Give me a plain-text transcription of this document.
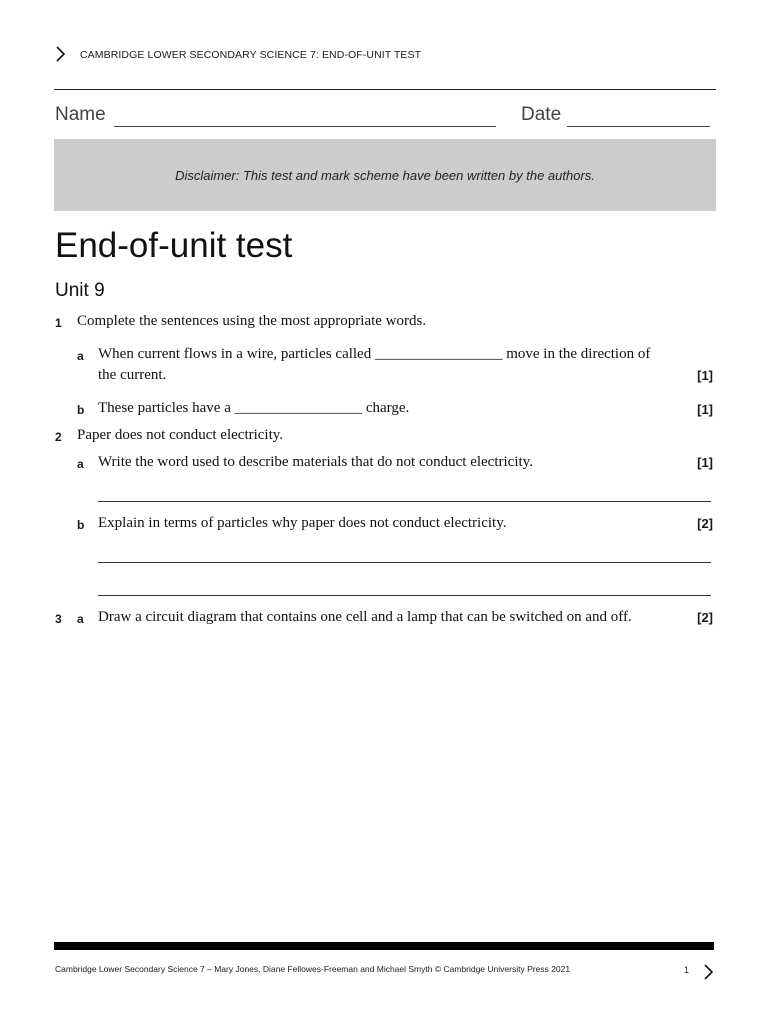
CAMBRIDGE LOWER SECONDARY SCIENCE 7: END-OF-UNIT TEST
Name	Date
Disclaimer: This test and mark scheme have been written by the authors.
End-of-unit test
Unit 9
1 Complete the sentences using the most appropriate words.
a When current flows in a wire, particles called _________________ move in the direction of
the current.	[1]
b These particles have a _________________ charge.	[1]
2 Paper does not conduct electricity.
a Write the word used to describe materials that do not conduct electricity.	[1]
b Explain in terms of particles why paper does not conduct electricity.	[2]
3 a Draw a circuit diagram that contains one cell and a lamp that can be switched on and off.	[2]
Cambridge Lower Secondary Science 7 – Mary Jones, Diane Fellowes-Freeman and Michael Smyth © Cambridge University Press 2021	1
